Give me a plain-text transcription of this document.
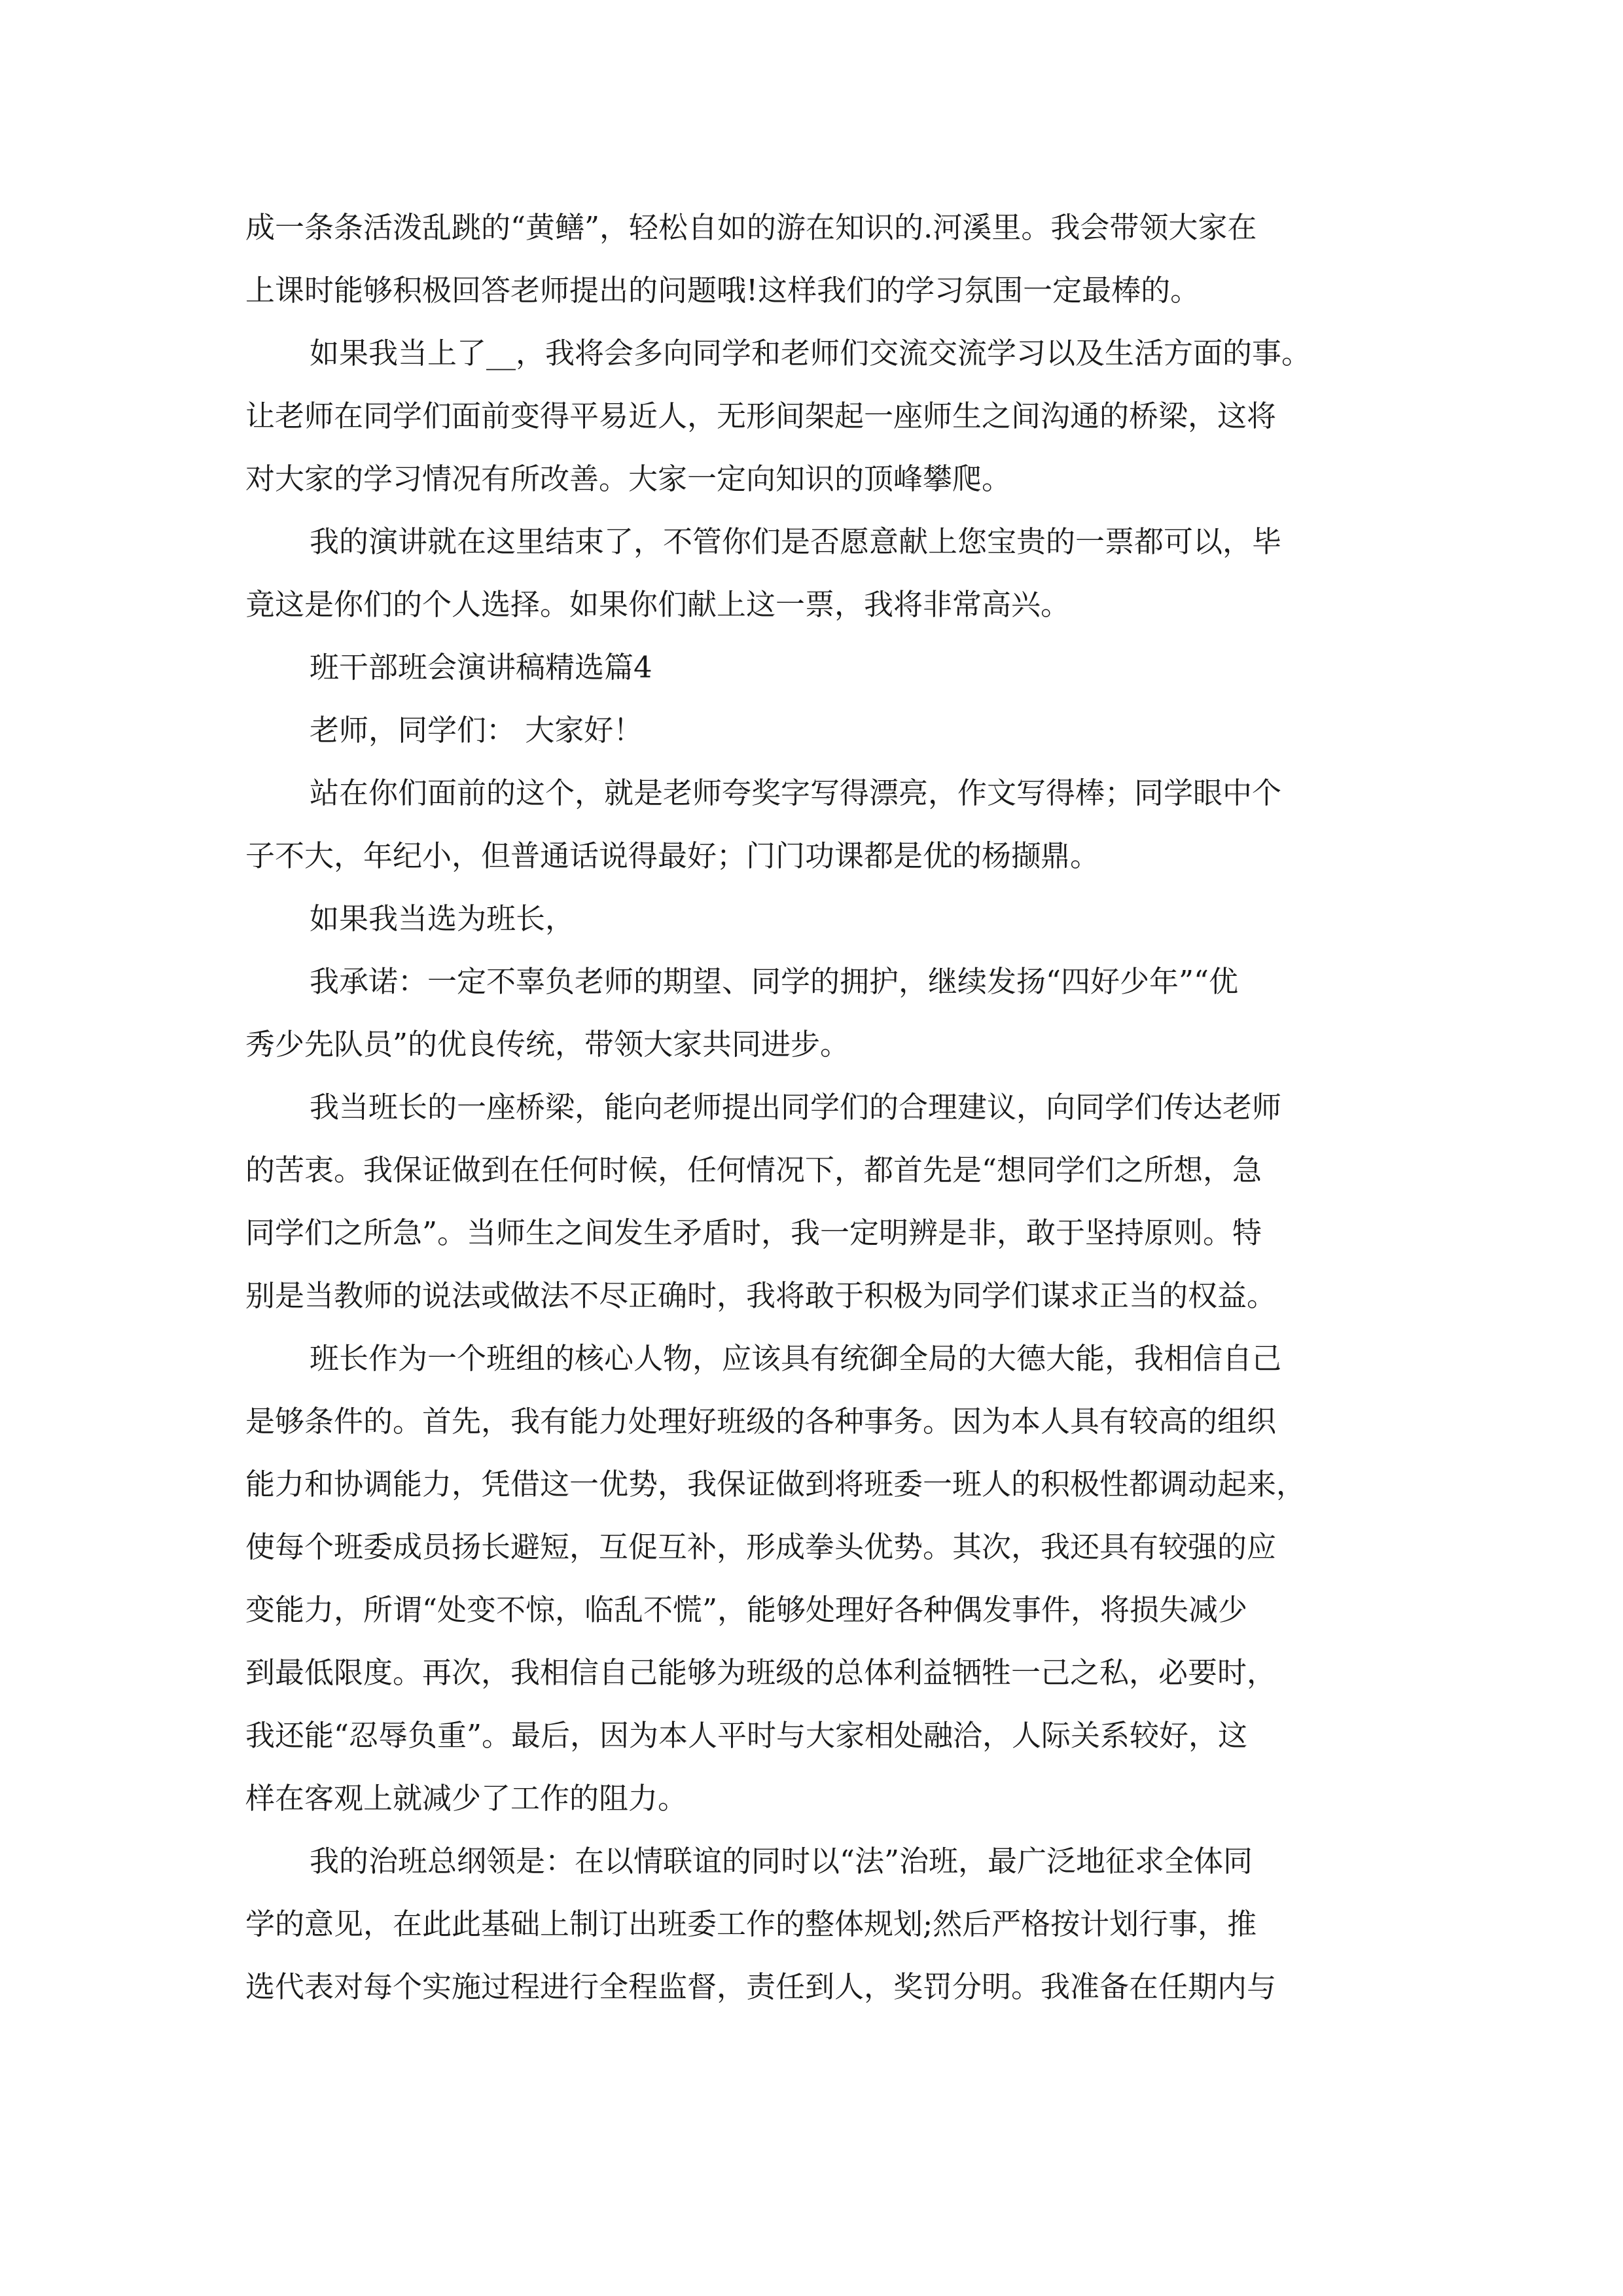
成一条条活泼乱跳的“黄鳝”，轻松自如的游在知识的.河溪里。我会带领大家在
上课时能够积极回答老师提出的问题哦!这样我们的学习氛围一定最棒的。
如果我当上了__，我将会多向同学和老师们交流交流学习以及生活方面的事。
让老师在同学们面前变得平易近人，无形间架起一座师生之间沟通的桥梁，这将
对大家的学习情况有所改善。大家一定向知识的顶峰攀爬。
我的演讲就在这里结束了，不管你们是否愿意献上您宝贵的一票都可以，毕
竟这是你们的个人选择。如果你们献上这一票，我将非常高兴。
班干部班会演讲稿精选篇4
老师，同学们： 大家好！
站在你们面前的这个，就是老师夸奖字写得漂亮，作文写得棒；同学眼中个
子不大，年纪小，但普通话说得最好；门门功课都是优的杨撷鼎。
如果我当选为班长，
我承诺：一定不辜负老师的期望、同学的拥护，继续发扬“四好少年”“优
秀少先队员”的优良传统，带领大家共同进步。
我当班长的一座桥梁，能向老师提出同学们的合理建议，向同学们传达老师
的苦衷。我保证做到在任何时候，任何情况下，都首先是“想同学们之所想，急
同学们之所急”。当师生之间发生矛盾时，我一定明辨是非，敢于坚持原则。特
别是当教师的说法或做法不尽正确时，我将敢于积极为同学们谋求正当的权益。
班长作为一个班组的核心人物，应该具有统御全局的大德大能，我相信自己
是够条件的。首先，我有能力处理好班级的各种事务。因为本人具有较高的组织
能力和协调能力，凭借这一优势，我保证做到将班委一班人的积极性都调动起来，
使每个班委成员扬长避短，互促互补，形成拳头优势。其次，我还具有较强的应
变能力，所谓“处变不惊，临乱不慌”，能够处理好各种偶发事件，将损失减少
到最低限度。再次，我相信自己能够为班级的总体利益牺牲一己之私，必要时，
我还能“忍辱负重”。最后，因为本人平时与大家相处融洽，人际关系较好，这
样在客观上就减少了工作的阻力。
我的治班总纲领是：在以情联谊的同时以“法”治班，最广泛地征求全体同
学的意见，在此此基础上制订出班委工作的整体规划;然后严格按计划行事，推
选代表对每个实施过程进行全程监督，责任到人，奖罚分明。我准备在任期内与
